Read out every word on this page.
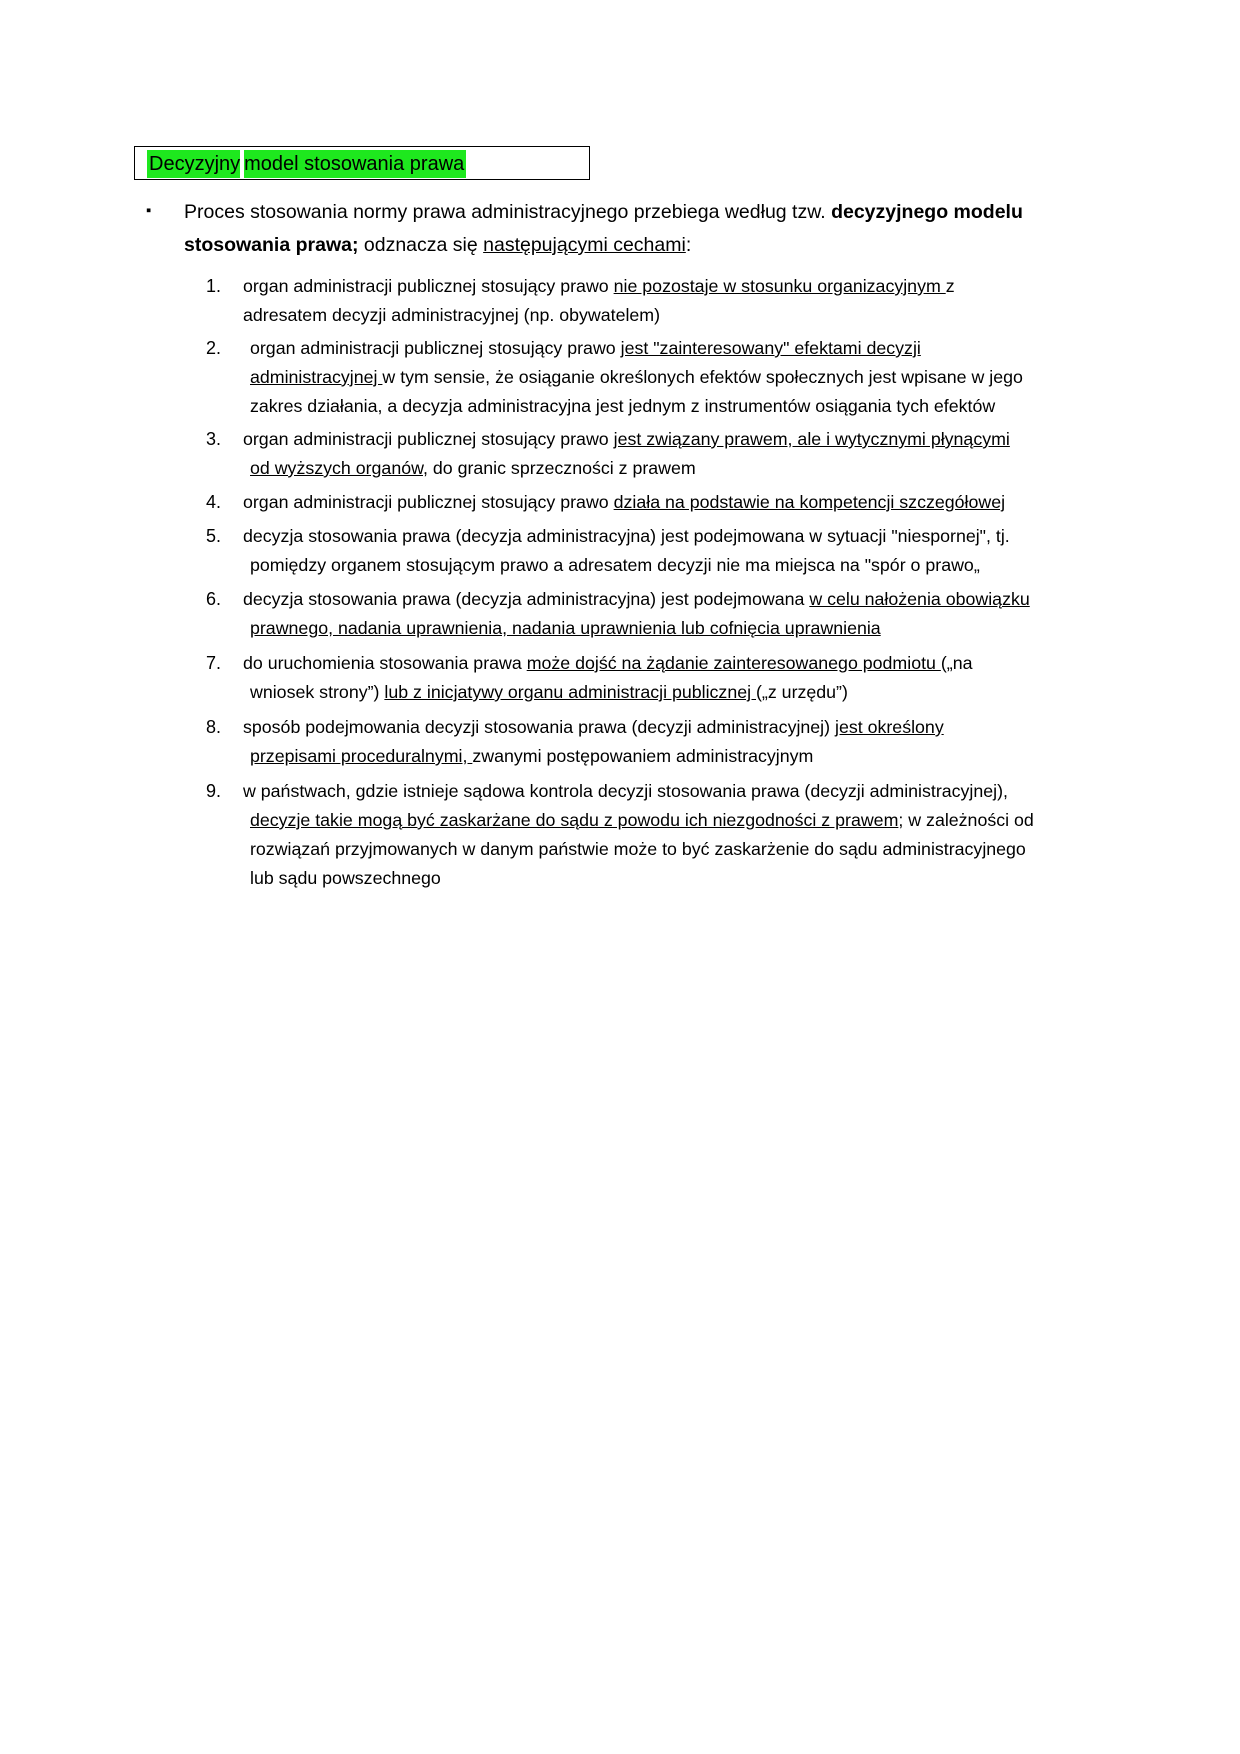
Decyzyjny model stosowania prawa
▪ Proces stosowania normy prawa administracyjnego przebiega według tzw. decyzyjnego modelu
stosowania prawa; odznacza się następującymi cechami:
1.	organ administracji publicznej stosujący prawo nie pozostaje w stosunku organizacyjnym z
adresatem decyzji administracyjnej (np. obywatelem)
2.	organ administracji publicznej stosujący prawo jest "zainteresowany" efektami decyzji
administracyjnej w tym sensie, że osiąganie określonych efektów społecznych jest wpisane w jego
zakres działania, a decyzja administracyjna jest jednym z instrumentów osiągania tych efektów
3.	organ administracji publicznej stosujący prawo jest związany prawem, ale i wytycznymi płynącymi
od wyższych organów, do granic sprzeczności z prawem
4.	organ administracji publicznej stosujący prawo działa na podstawie na kompetencji szczegółowej
5.	decyzja stosowania prawa (decyzja administracyjna) jest podejmowana w sytuacji "niespornej", tj.
pomiędzy organem stosującym prawo a adresatem decyzji nie ma miejsca na "spór o prawo„
6.	decyzja stosowania prawa (decyzja administracyjna) jest podejmowana w celu nałożenia obowiązku
prawnego, nadania uprawnienia, nadania uprawnienia lub cofnięcia uprawnienia
7.	do uruchomienia stosowania prawa może dojść na żądanie zainteresowanego podmiotu („na
wniosek strony”) lub z inicjatywy organu administracji publicznej („z urzędu”)
8.	sposób podejmowania decyzji stosowania prawa (decyzji administracyjnej) jest określony
przepisami proceduralnymi, zwanymi postępowaniem administracyjnym
9.	w państwach, gdzie istnieje sądowa kontrola decyzji stosowania prawa (decyzji administracyjnej),
decyzje takie mogą być zaskarżane do sądu z powodu ich niezgodności z prawem; w zależności od
rozwiązań przyjmowanych w danym państwie może to być zaskarżenie do sądu administracyjnego
lub sądu powszechnego
